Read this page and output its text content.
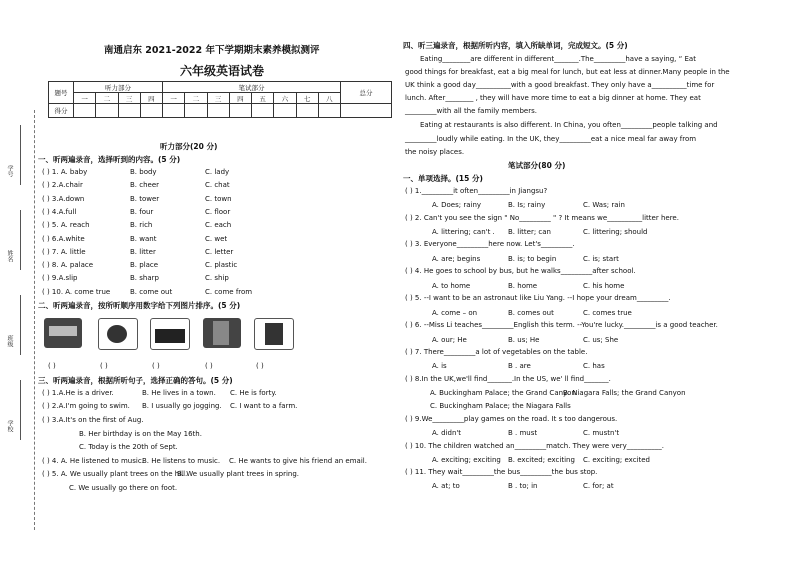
学号
姓名
班级
学校
南通启东 2021-2022 年下学期期末素养模拟测评
六年级英语试卷
题号	听力部分				笔试部分								总分
	一	二	三	四	一	二	三	四	五	六	七	八	
得分													
听力部分(20 分)
一、听两遍录音，选择听到的内容。(5 分)
( ) 1. A. baby	B. body	C. lady
( ) 2.A.chair	B. cheer	C. chat
( ) 3.A.down	B. tower	C. town
( ) 4.A.full	B. four	C. floor
( ) 5. A. reach	B. rich	C. each
( ) 6.A.white	B. want	C. wet
( ) 7. A. little	B. litter	C. letter
( ) 8. A. palace	B. place	C. plastic
( ) 9.A.slip	B. sharp	C. ship
( ) 10. A. come true	B. come out	C. come from
二、听两遍录音，按所听顺序用数字给下列图片排序。(5 分)
( )	( )	( )	( )	( )
三、听两遍录音，根据所听句子，选择正确的答句。(5 分)
( ) 1.A.He is a driver.	B. He lives in a town. C. He is forty.
( ) 2.A.I'm going to swim. B. I usually go jogging. C. I want to a farm.
( ) 3.A.It's on the first of Aug.
B. Her birthday is on the May 16th.
C. Today is the 20th of Sept.
( ) 4. A. He listened to music.
B. He listens to music. C. He wants to give his friend an email.
( ) 5. A. We usually plant trees on the hill.
B. We usually plant trees in spring.
C. We usually go there on foot.
四、听三遍录音，根据所听内容，填入所缺单词，完成短文。(5 分)
Eating________are different in different_______.The_________have a saying, “ Eat
good things for breakfast, eat a big meal for lunch, but eat less at dinner.Many people in the
UK think a good day__________with a good breakfast. They only have a__________time for
lunch. After________ , they will have more time to eat a big dinner at home. They eat
_________with all the family members.
Eating at restaurants is also different. In China, you often_________people talking and
_________loudly while eating. In the UK, they_________eat a nice meal far away from
the noisy places.
笔试部分(80 分)
一、单项选择。(15 分)
( ) 1._________it often_________in Jiangsu?
A. Does; rainy	B. Is; rainy	C. Was; rain
( ) 2. Can't you see the sign " No_________ " ? It means we__________litter here.
A. littering; can't . B. litter; can	C. littering; should
( ) 3. Everyone_________here now. Let's_________.
A. are; begins	B. is; to begin	C. is; start
( ) 4. He goes to school by bus, but he walks_________after school.
A. to home	B. home	C. his home
( ) 5. --I want to be an astronaut like Liu Yang. --I hope your dream_________.
A. come – on	B. comes out	C. comes true
( ) 6. --Miss Li teaches_________English this term. --You're lucky._________is a good teacher.
A. our; He	B. us; He	C. us; She
( ) 7. There_________a lot of vegetables on the table.
A. is	B . are	C. has
( ) 8.In the UK,we'll find_______.In the US, we' ll find_______.
A. Buckingham Palace; the Grand Canyon
B. Niagara Falls; the Grand Canyon
C. Buckingham Palace; the Niagara Falls
( ) 9.We_________play games on the road. It s too dangerous.
A. didn't	B . must	C. mustn't
( ) 10. The children watched an_________match. They were very__________.
A. exciting; exciting B. excited; exciting C. exciting; excited
( ) 11. They wait_________the bus_________the bus stop.
A. at; to	B . to; in	C. for; at
